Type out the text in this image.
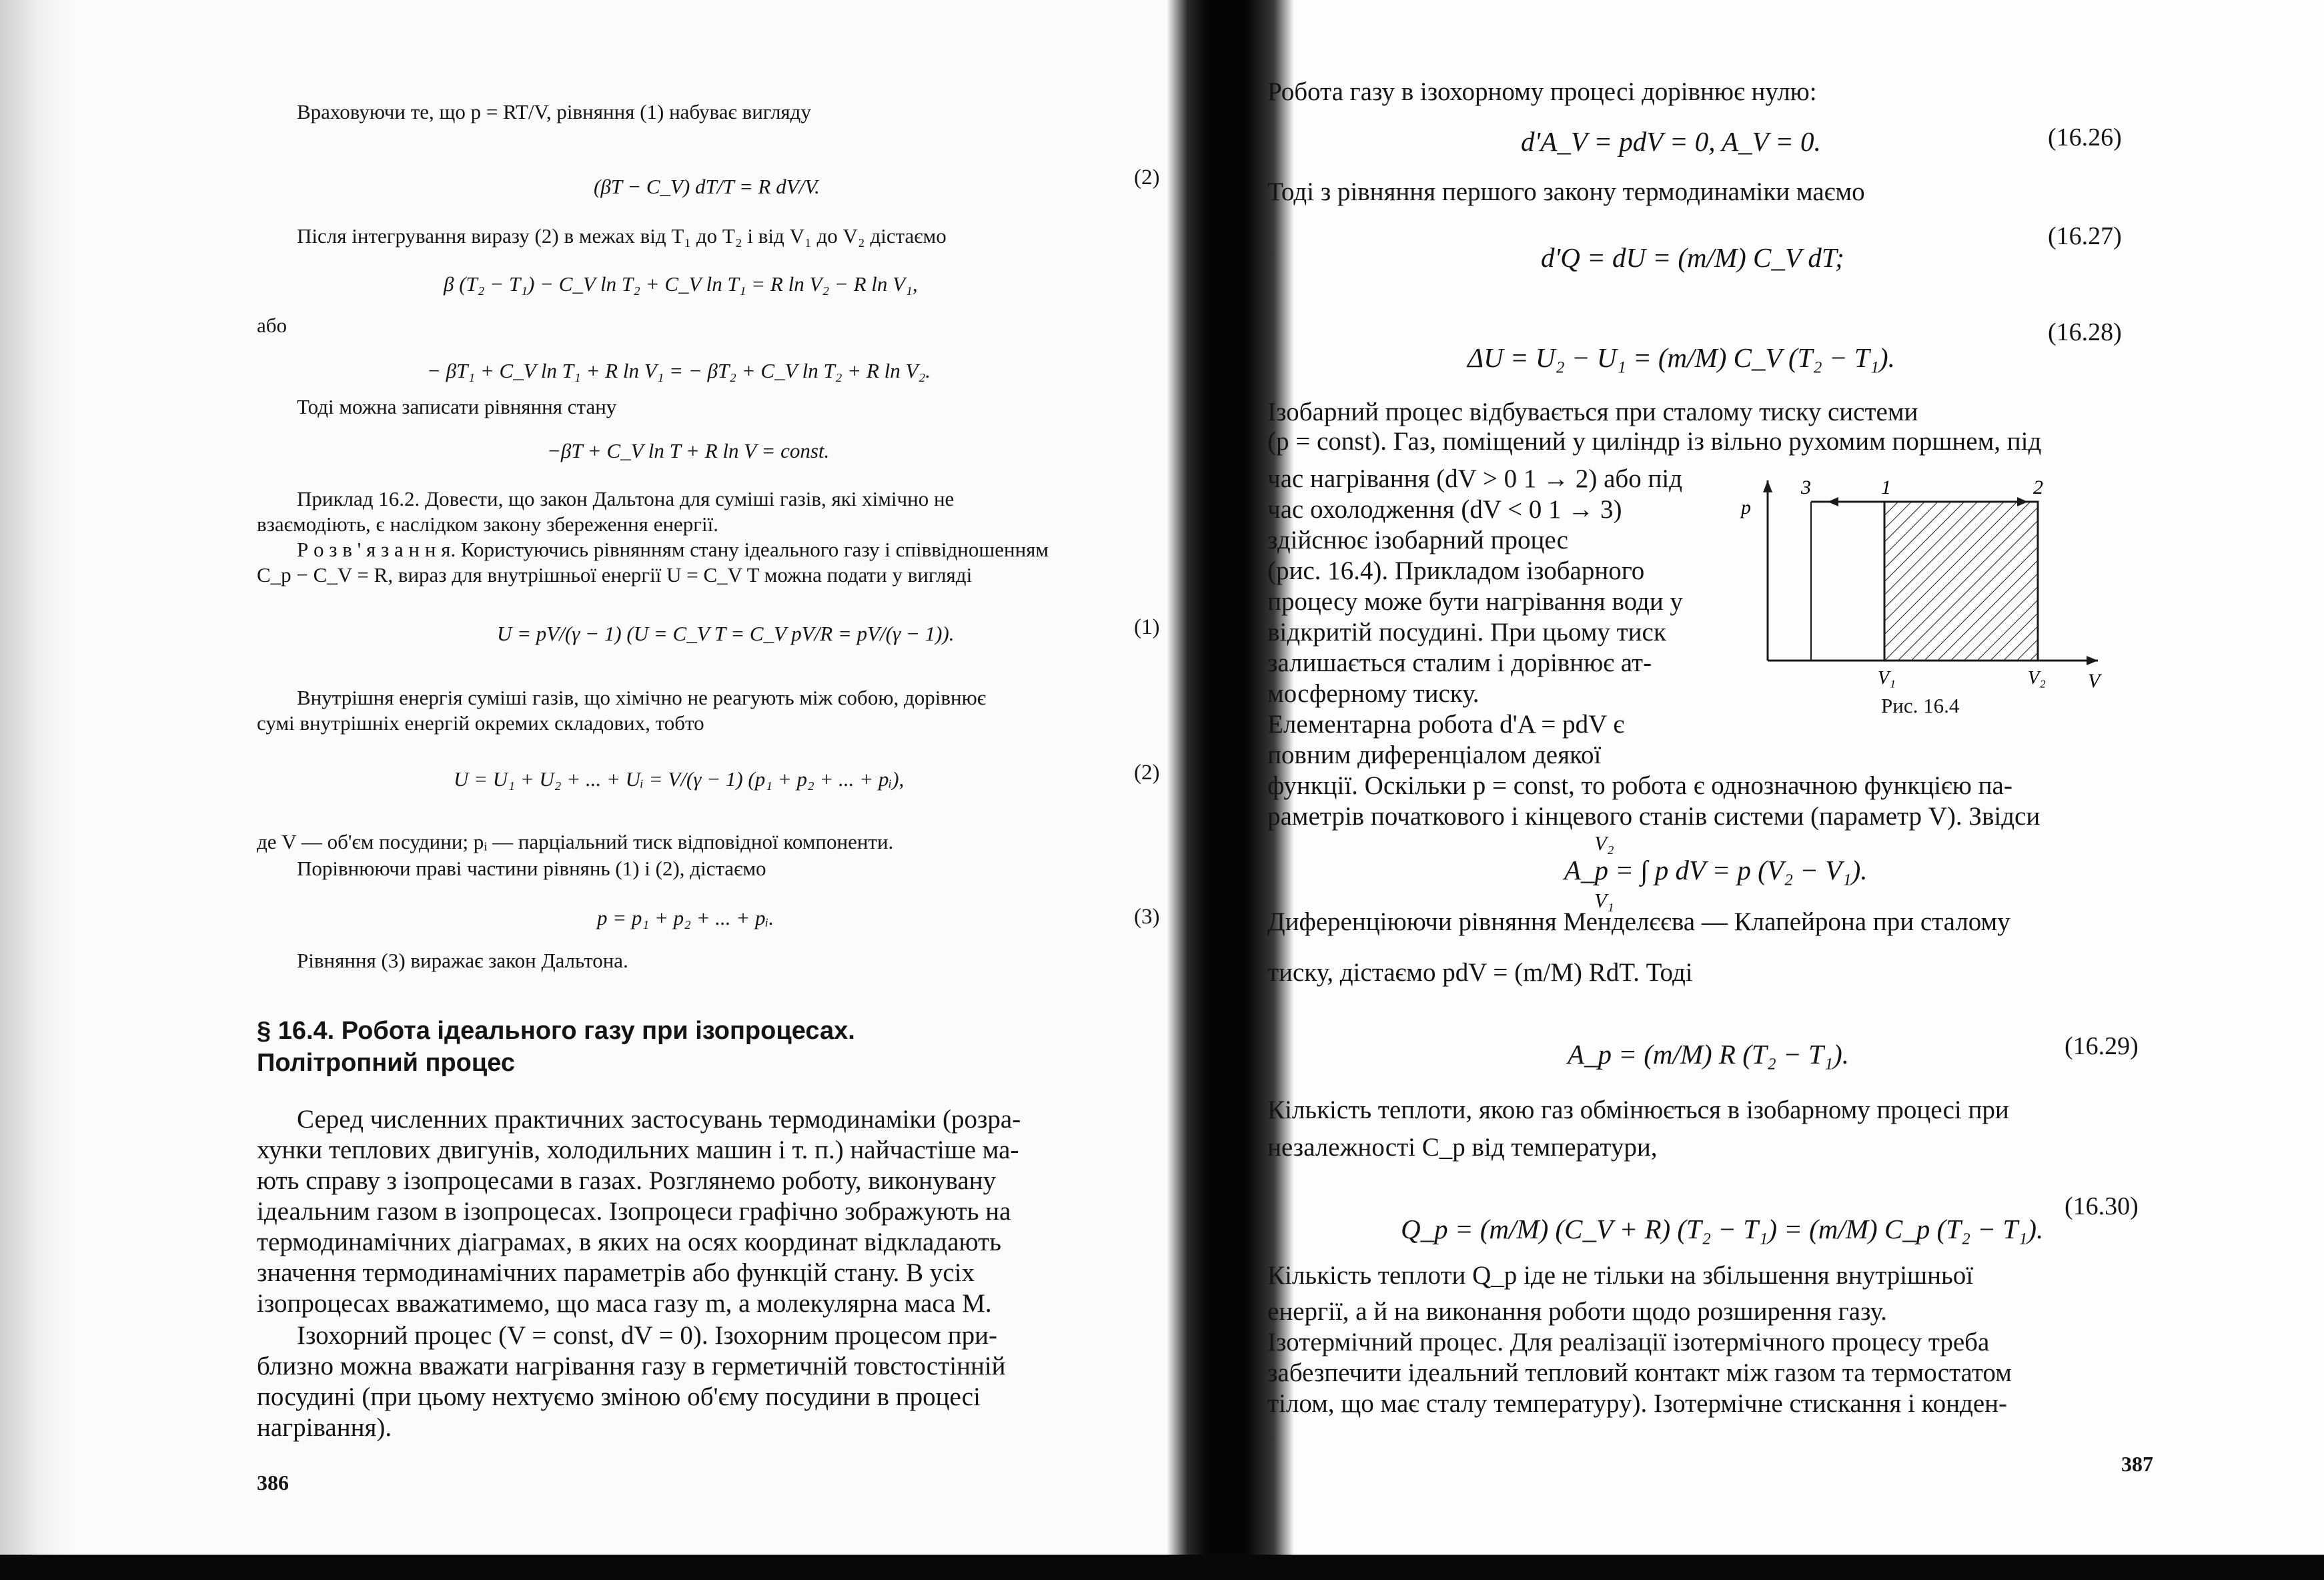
Враховуючи те, що p = RT/V, рівняння (1) набуває вигляду
(βT − C_V) dT/T = R dV/V.	(2)
Після інтегрування виразу (2) в межах від T₁ до T₂ і від V₁ до V₂ дістаємо
β (T₂ − T₁) − C_V ln T₂ + C_V ln T₁ = R ln V₂ − R ln V₁,
або
− βT₁ + C_V ln T₁ + R ln V₁ = − βT₂ + C_V ln T₂ + R ln V₂.
Тоді можна записати рівняння стану
−βT + C_V ln T + R ln V = const.
Приклад 16.2. Довести, що закон Дальтона для суміші газів, які хімічно не
взаємодіють, є наслідком закону збереження енергії.
Р о з в ' я з а н н я. Користуючись рівнянням стану ідеального газу і співвідношенням
C_p − C_V = R, вираз для внутрішньої енергії U = C_V T можна подати у вигляді
U = pV/(γ − 1) (U = C_V T = C_V pV/R = pV/(γ − 1)).	(1)
Внутрішня енергія суміші газів, що хімічно не реагують між собою, дорівнює
сумі внутрішніх енергій окремих складових, тобто
U = U₁ + U₂ + ... + Uᵢ = V/(γ − 1) (p₁ + p₂ + ... + pᵢ),	(2)
де V — об'єм посудини; pᵢ — парціальний тиск відповідної компоненти.
Порівнюючи праві частини рівнянь (1) і (2), дістаємо
p = p₁ + p₂ + ... + pᵢ.	(3)
Рівняння (3) виражає закон Дальтона.
§ 16.4. Робота ідеального газу при ізопроцесах.
Політропний процес
Серед численних практичних застосувань термодинаміки (розра-
хунки теплових двигунів, холодильних машин і т. п.) найчастіше ма-
ють справу з ізопроцесами в газах. Розглянемо роботу, виконувану
ідеальним газом в ізопроцесах. Ізопроцеси графічно зображують на
термодинамічних діаграмах, в яких на осях координат відкладають
значення термодинамічних параметрів або функцій стану. В усіх
ізопроцесах вважатимемо, що маса газу m, а молекулярна маса M.
Ізохорний процес (V = const, dV = 0). Ізохорним процесом при-
близно можна вважати нагрівання газу в герметичній товстостінній
посудині (при цьому нехтуємо зміною об'єму посудини в процесі
нагрівання).
386
Робота газу в ізохорному процесі дорівнює нулю:
d'A_V = pdV = 0, A_V = 0.	(16.26)
Тоді з рівняння першого закону термодинаміки маємо
d'Q = dU = (m/M) C_V dT;
(16.27)
ΔU = U₂ − U₁ = (m/M) C_V (T₂ − T₁).
(16.28)
Ізобарний процес відбувається при сталому тиску системи
(p = const). Газ, поміщений у циліндр із вільно рухомим поршнем, під
час нагрівання (dV > 0 1 → 2) або під
час охолодження (dV < 0 1 → 3)
здійснює ізобарний процес
(рис. 16.4). Прикладом ізобарного
процесу може бути нагрівання води у
відкритій посудині. При цьому тиск
залишається сталим і дорівнює ат-
мосферному тиску.
Елементарна робота d'A = pdV є
повним диференціалом деякої
функції. Оскільки p = const, то робота є однозначною функцією па-
раметрів початкового і кінцевого станів системи (параметр V). Звідси
V₂
A_p = ∫ p dV = p (V₂ − V₁).
V₁
Диференціюючи рівняння Менделєєва — Клапейрона при сталому
тиску, дістаємо pdV = (m/M) RdT. Тоді
A_p = (m/M) R (T₂ − T₁).	(16.29)
Кількість теплоти, якою газ обмінюється в ізобарному процесі при
незалежності C_p від температури,
Q_p = (m/M) (C_V + R) (T₂ − T₁) = (m/M) C_p (T₂ − T₁).
(16.30)
Кількість теплоти Q_p іде не тільки на збільшення внутрішньої
енергії, а й на виконання роботи щодо розширення газу.
Ізотермічний процес. Для реалізації ізотермічного процесу треба
забезпечити ідеальний тепловий контакт між газом та термостатом
тілом, що має сталу температуру). Ізотермічне стискання і конден-
387
p
V
3	1	2
V₁	V₂
Рис. 16.4
